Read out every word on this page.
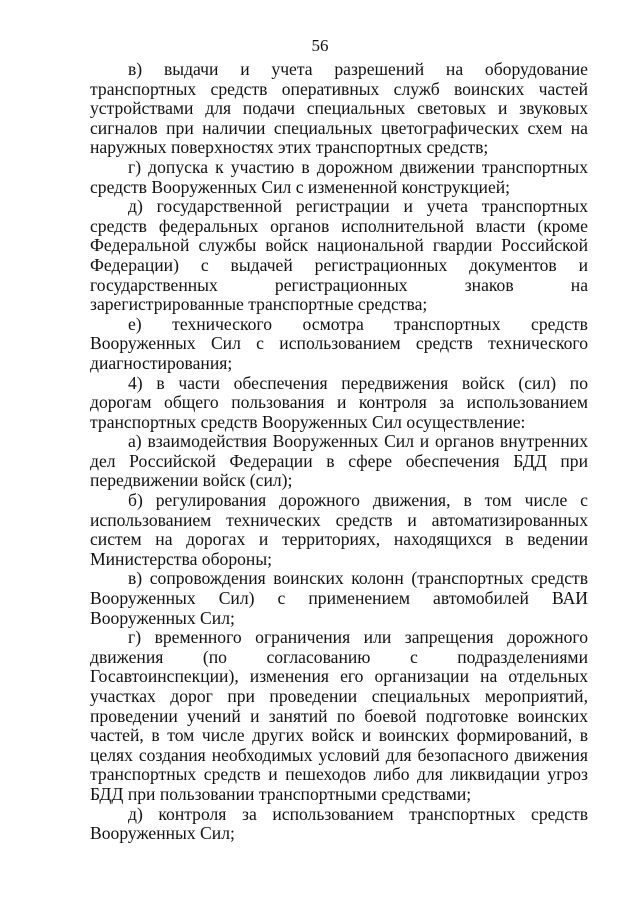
56

в) выдачи и учета разрешений на оборудование транспортных средств оперативных служб воинских частей устройствами для подачи специальных световых и звуковых сигналов при наличии специальных цветографических схем на наружных поверхностях этих транспортных средств;

г) допуска к участию в дорожном движении транспортных средств Вооруженных Сил с измененной конструкцией;

д) государственной регистрации и учета транспортных средств федеральных органов исполнительной власти (кроме Федеральной службы войск национальной гвардии Российской Федерации) с выдачей регистрационных документов и государственных регистрационных знаков на зарегистрированные транспортные средства;

е) технического осмотра транспортных средств Вооруженных Сил с использованием средств технического диагностирования;

4) в части обеспечения передвижения войск (сил) по дорогам общего пользования и контроля за использованием транспортных средств Вооруженных Сил осуществление:

а) взаимодействия Вооруженных Сил и органов внутренних дел Российской Федерации в сфере обеспечения БДД при передвижении войск (сил);

б) регулирования дорожного движения, в том числе с использованием технических средств и автоматизированных систем на дорогах и территориях, находящихся в ведении Министерства обороны;

в) сопровождения воинских колонн (транспортных средств Вооруженных Сил) с применением автомобилей ВАИ Вооруженных Сил;

г) временного ограничения или запрещения дорожного движения (по согласованию с подразделениями Госавтоинспекции), изменения его организации на отдельных участках дорог при проведении специальных мероприятий, проведении учений и занятий по боевой подготовке воинских частей, в том числе других войск и воинских формирований, в целях создания необходимых условий для безопасного движения транспортных средств и пешеходов либо для ликвидации угроз БДД при пользовании транспортными средствами;

д) контроля за использованием транспортных средств Вооруженных Сил;
